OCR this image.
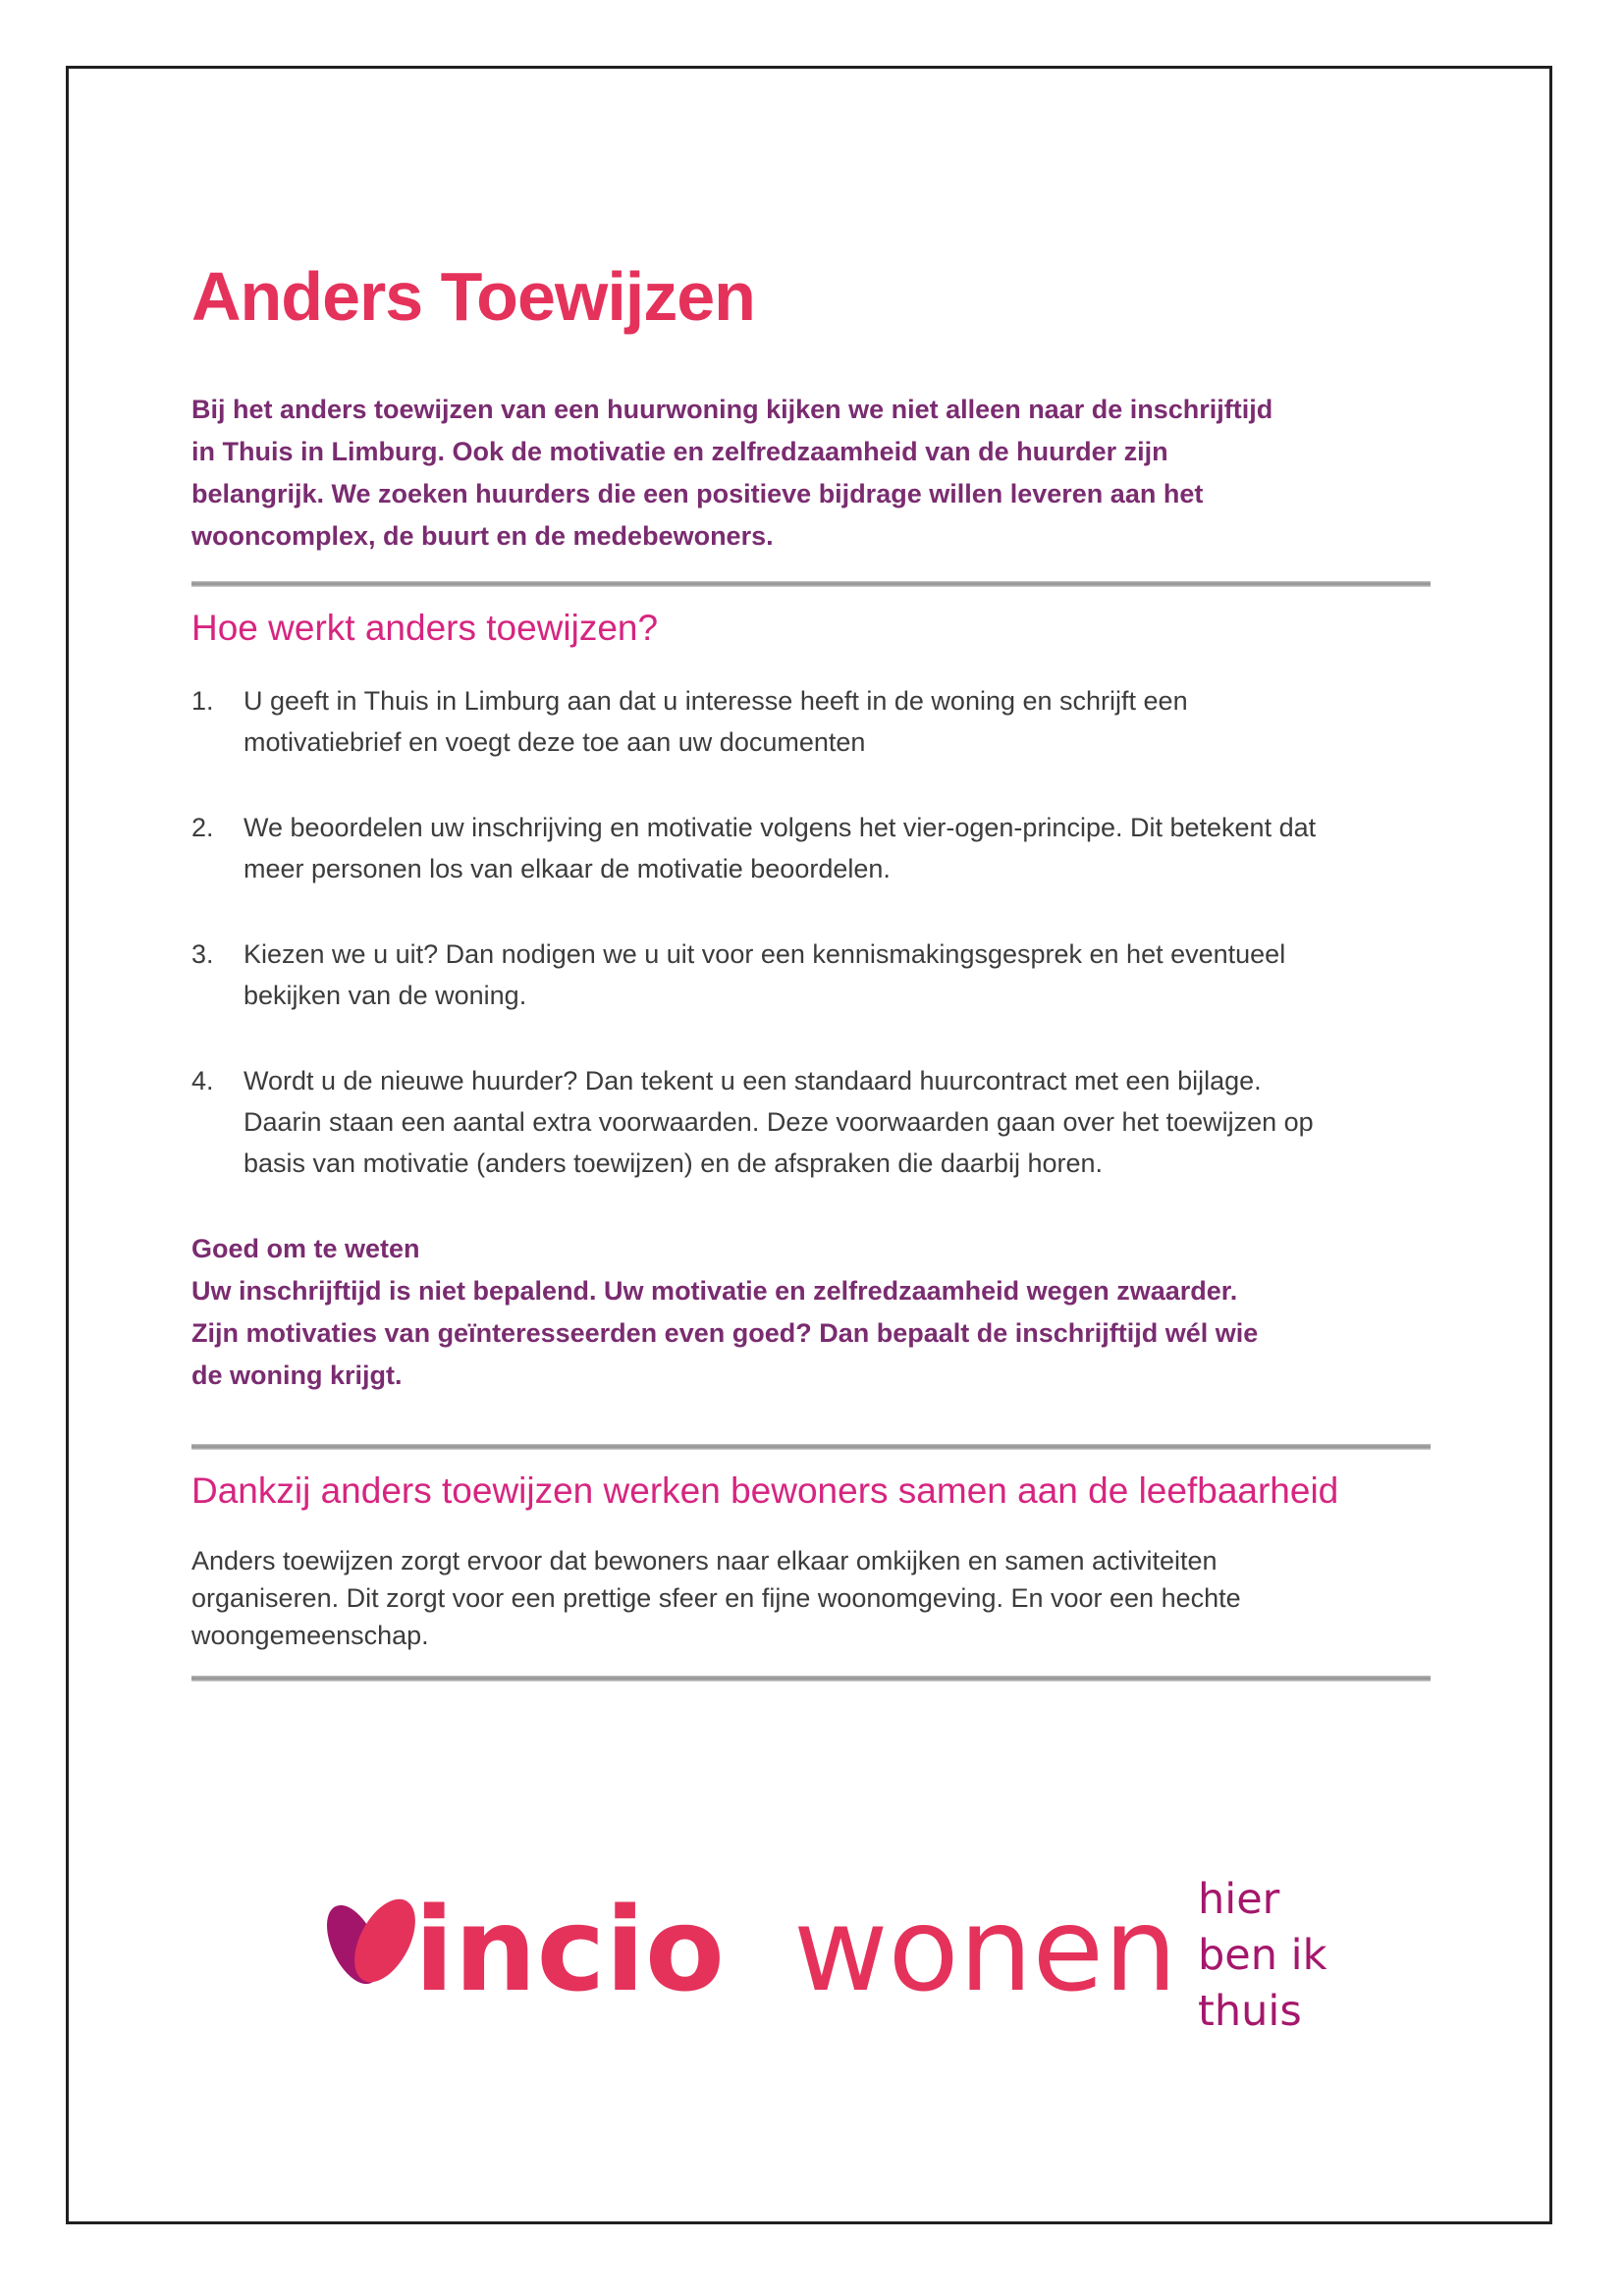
Anders Toewijzen
Bij het anders toewijzen van een huurwoning kijken we niet alleen naar de inschrijftijd
in Thuis in Limburg. Ook de motivatie en zelfredzaamheid van de huurder zijn
belangrijk. We zoeken huurders die een positieve bijdrage willen leveren aan het
wooncomplex, de buurt en de medebewoners.
Hoe werkt anders toewijzen?
1.	U geeft in Thuis in Limburg aan dat u interesse heeft in de woning en schrijft een
motivatiebrief en voegt deze toe aan uw documenten
2.	We beoordelen uw inschrijving en motivatie volgens het vier-ogen-principe. Dit betekent dat
meer personen los van elkaar de motivatie beoordelen.
3.	Kiezen we u uit? Dan nodigen we u uit voor een kennismakingsgesprek en het eventueel
bekijken van de woning.
4.	Wordt u de nieuwe huurder? Dan tekent u een standaard huurcontract met een bijlage.
Daarin staan een aantal extra voorwaarden. Deze voorwaarden gaan over het toewijzen op
basis van motivatie (anders toewijzen) en de afspraken die daarbij horen.
Goed om te weten
Uw inschrijftijd is niet bepalend. Uw motivatie en zelfredzaamheid wegen zwaarder.
Zijn motivaties van geïnteresseerden even goed? Dan bepaalt de inschrijftijd wél wie
de woning krijgt.
Dankzij anders toewijzen werken bewoners samen aan de leefbaarheid
Anders toewijzen zorgt ervoor dat bewoners naar elkaar omkijken en samen activiteiten
organiseren. Dit zorgt voor een prettige sfeer en fijne woonomgeving. En voor een hechte
woongemeenschap.
incio wonen hier
ben ik
thuis
